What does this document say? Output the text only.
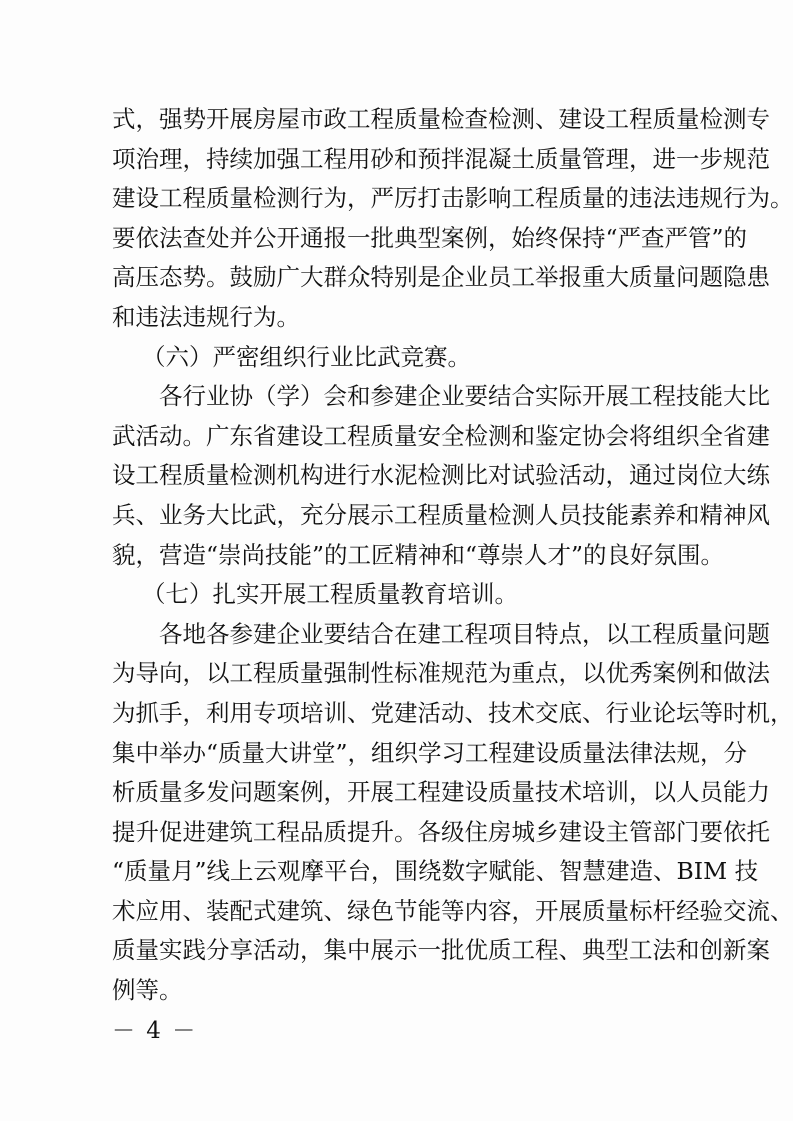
式，强势开展房屋市政工程质量检查检测、建设工程质量检测专
项治理，持续加强工程用砂和预拌混凝土质量管理，进一步规范
建设工程质量检测行为，严厉打击影响工程质量的违法违规行为。
要依法查处并公开通报一批典型案例，始终保持“严查严管”的
高压态势。鼓励广大群众特别是企业员工举报重大质量问题隐患
和违法违规行为。
（六）严密组织行业比武竞赛。
各行业协（学）会和参建企业要结合实际开展工程技能大比
武活动。广东省建设工程质量安全检测和鉴定协会将组织全省建
设工程质量检测机构进行水泥检测比对试验活动，通过岗位大练
兵、业务大比武，充分展示工程质量检测人员技能素养和精神风
貌，营造“崇尚技能”的工匠精神和“尊崇人才”的良好氛围。
（七）扎实开展工程质量教育培训。
各地各参建企业要结合在建工程项目特点，以工程质量问题
为导向，以工程质量强制性标准规范为重点，以优秀案例和做法
为抓手，利用专项培训、党建活动、技术交底、行业论坛等时机，
集中举办“质量大讲堂”，组织学习工程建设质量法律法规，分
析质量多发问题案例，开展工程建设质量技术培训，以人员能力
提升促进建筑工程品质提升。各级住房城乡建设主管部门要依托
“质量月”线上云观摩平台，围绕数字赋能、智慧建造、BIM 技
术应用、装配式建筑、绿色节能等内容，开展质量标杆经验交流、
质量实践分享活动，集中展示一批优质工程、典型工法和创新案
例等。
－ 4 －
